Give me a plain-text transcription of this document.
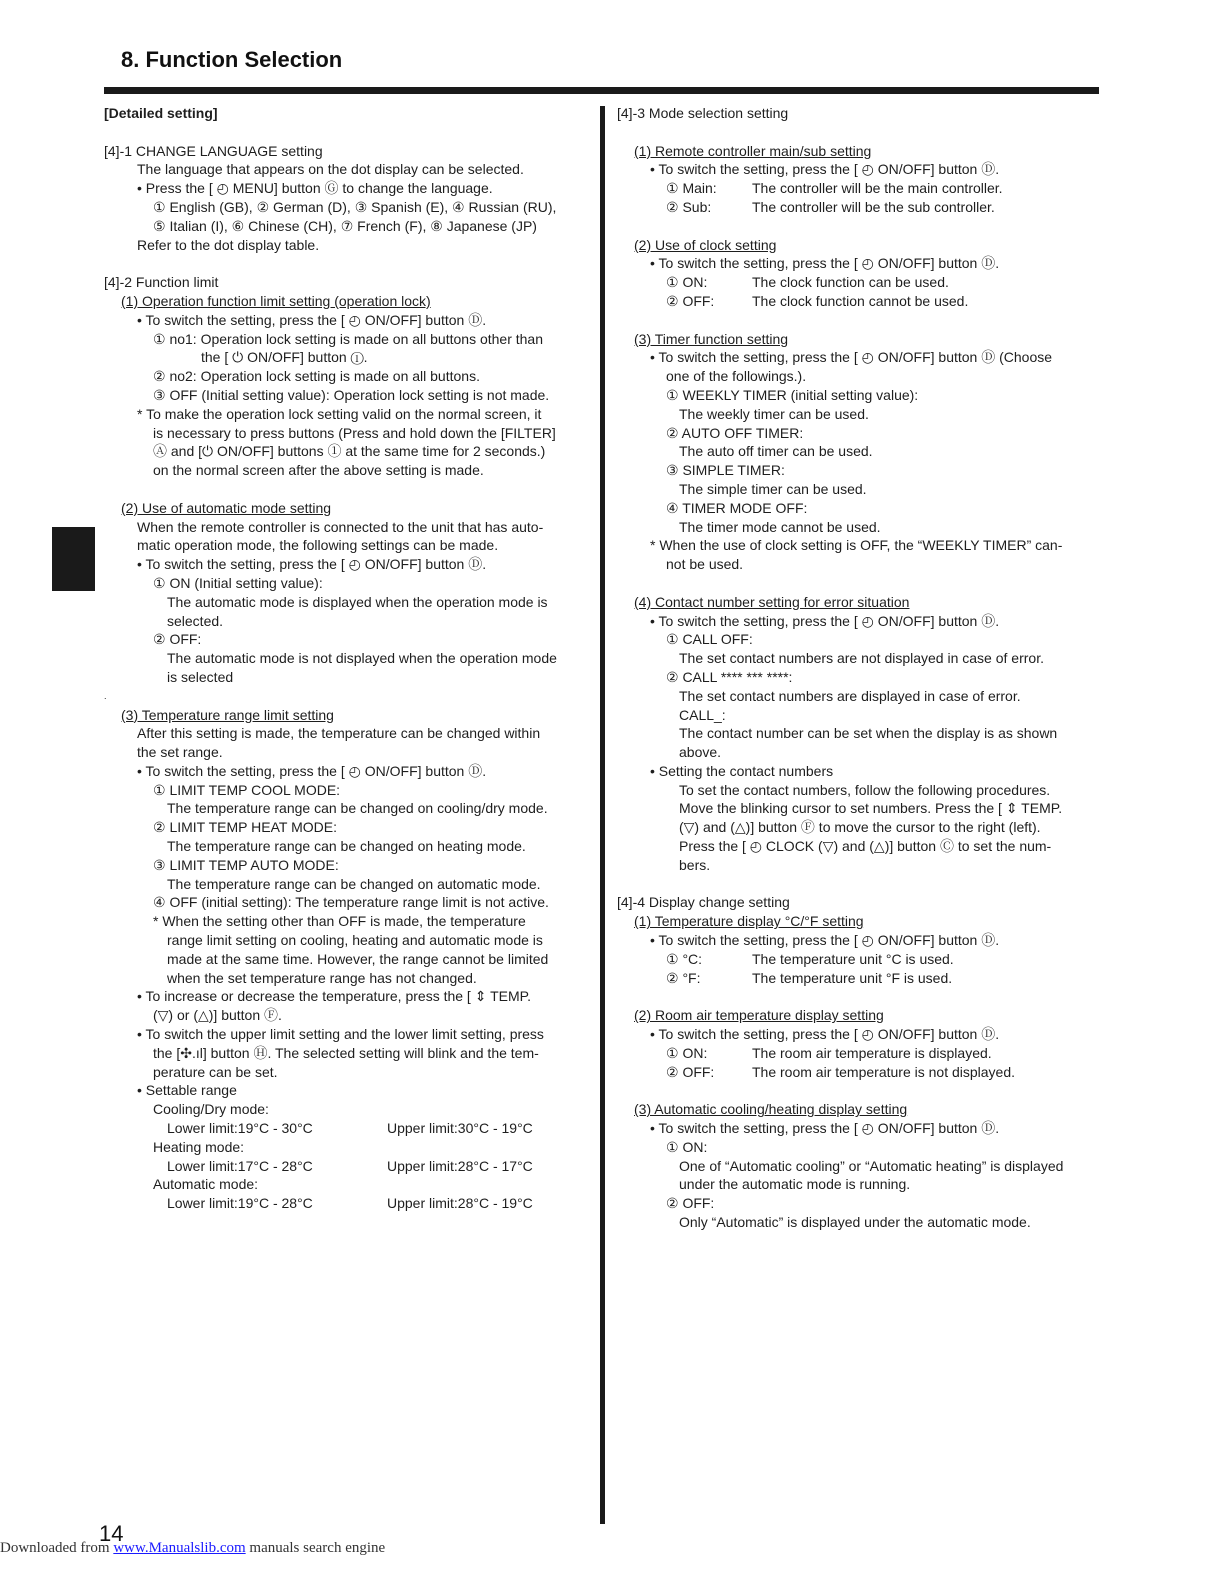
8. Function Selection
[Detailed setting]
[4]-1 CHANGE LANGUAGE setting
The language that appears on the dot display can be selected.
• Press the [ ◴ MENU] button Ⓖ to change the language.
① English (GB), ② German (D), ③ Spanish (E), ④ Russian (RU),
⑤ Italian (I), ⑥ Chinese (CH), ⑦ French (F), ⑧ Japanese (JP)
Refer to the dot display table.
[4]-2 Function limit
(1) Operation function limit setting (operation lock)
• To switch the setting, press the [ ◴ ON/OFF] button Ⓓ.
① no1: Operation lock setting is made on all buttons other than
the [ ⏻ ON/OFF] button ①.
② no2: Operation lock setting is made on all buttons.
③ OFF (Initial setting value): Operation lock setting is not made.
* To make the operation lock setting valid on the normal screen, it
is necessary to press buttons (Press and hold down the [FILTER]
Ⓐ and [⏻ ON/OFF] buttons ① at the same time for 2 seconds.)
on the normal screen after the above setting is made.
(2) Use of automatic mode setting
When the remote controller is connected to the unit that has auto-
matic operation mode, the following settings can be made.
• To switch the setting, press the [ ◴ ON/OFF] button Ⓓ.
① ON (Initial setting value):
The automatic mode is displayed when the operation mode is
selected.
② OFF:
The automatic mode is not displayed when the operation mode
is selected
.
(3) Temperature range limit setting
After this setting is made, the temperature can be changed within
the set range.
• To switch the setting, press the [ ◴ ON/OFF] button Ⓓ.
① LIMIT TEMP COOL MODE:
The temperature range can be changed on cooling/dry mode.
② LIMIT TEMP HEAT MODE:
The temperature range can be changed on heating mode.
③ LIMIT TEMP AUTO MODE:
The temperature range can be changed on automatic mode.
④ OFF (initial setting): The temperature range limit is not active.
* When the setting other than OFF is made, the temperature
range limit setting on cooling, heating and automatic mode is
made at the same time. However, the range cannot be limited
when the set temperature range has not changed.
• To increase or decrease the temperature, press the [ ⇕ TEMP.
(▽) or (△)] button Ⓕ.
• To switch the upper limit setting and the lower limit setting, press
the [✣.ıl] button Ⓗ. The selected setting will blink and the tem-
perature can be set.
• Settable range
Cooling/Dry mode:
Lower limit:19°C - 30°C	Upper limit:30°C - 19°C
Heating mode:
Lower limit:17°C - 28°C	Upper limit:28°C - 17°C
Automatic mode:
Lower limit:19°C - 28°C	Upper limit:28°C - 19°C
[4]-3 Mode selection setting
(1) Remote controller main/sub setting
• To switch the setting, press the [ ◴ ON/OFF] button Ⓓ.
① Main:	The controller will be the main controller.
② Sub:	The controller will be the sub controller.
(2) Use of clock setting
• To switch the setting, press the [ ◴ ON/OFF] button Ⓓ.
① ON:	The clock function can be used.
② OFF:	The clock function cannot be used.
(3) Timer function setting
• To switch the setting, press the [ ◴ ON/OFF] button Ⓓ (Choose
one of the followings.).
① WEEKLY TIMER (initial setting value):
The weekly timer can be used.
② AUTO OFF TIMER:
The auto off timer can be used.
③ SIMPLE TIMER:
The simple timer can be used.
④ TIMER MODE OFF:
The timer mode cannot be used.
* When the use of clock setting is OFF, the “WEEKLY TIMER” can-
not be used.
(4) Contact number setting for error situation
• To switch the setting, press the [ ◴ ON/OFF] button Ⓓ.
① CALL OFF:
The set contact numbers are not displayed in case of error.
② CALL **** *** ****:
The set contact numbers are displayed in case of error.
CALL_:
The contact number can be set when the display is as shown
above.
• Setting the contact numbers
To set the contact numbers, follow the following procedures.
Move the blinking cursor to set numbers. Press the [ ⇕ TEMP.
(▽) and (△)] button Ⓕ to move the cursor to the right (left).
Press the [ ◴ CLOCK (▽) and (△)] button Ⓒ to set the num-
bers.
[4]-4 Display change setting
(1) Temperature display °C/°F setting
• To switch the setting, press the [ ◴ ON/OFF] button Ⓓ.
① °C:	The temperature unit °C is used.
② °F:	The temperature unit °F is used.
(2) Room air temperature display setting
• To switch the setting, press the [ ◴ ON/OFF] button Ⓓ.
① ON:	The room air temperature is displayed.
② OFF:	The room air temperature is not displayed.
(3) Automatic cooling/heating display setting
• To switch the setting, press the [ ◴ ON/OFF] button Ⓓ.
① ON:
One of “Automatic cooling” or “Automatic heating” is displayed
under the automatic mode is running.
② OFF:
Only “Automatic” is displayed under the automatic mode.
14
Downloaded from www.Manualslib.com manuals search engine
